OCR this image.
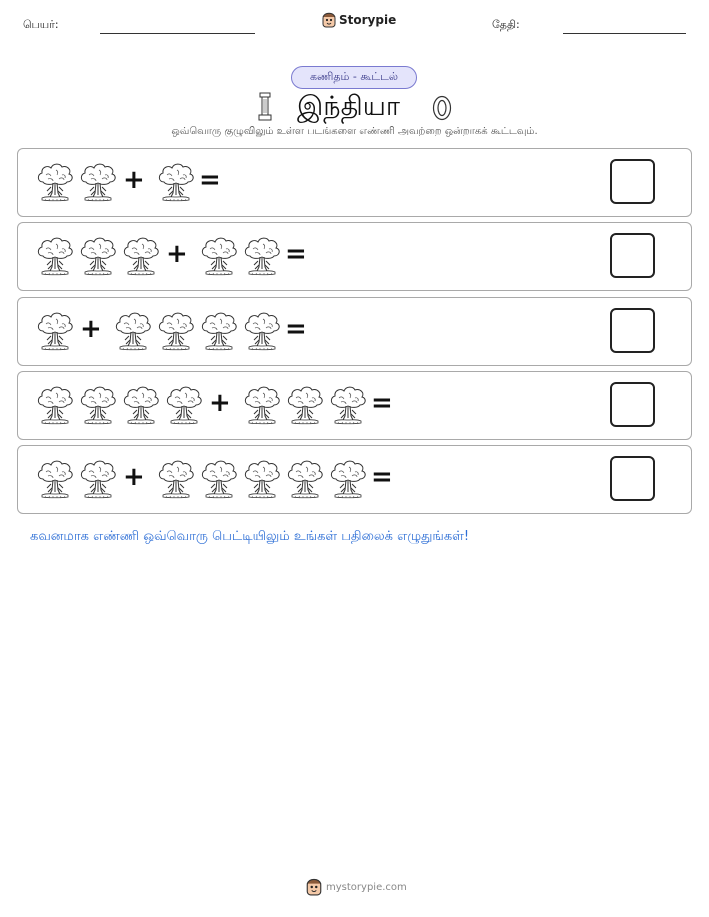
பெயர்:	Storypie	தேதி:
கணிதம் - கூட்டல்
இந்தியா
ஒவ்வொரு குழுவிலும் உள்ள படங்களை எண்ணி அவற்றை ஒன்றாகக் கூட்டவும்.
+ =
+	=
+	=
+	=
+	=
கவனமாக எண்ணி ஒவ்வொரு பெட்டியிலும் உங்கள் பதிலைக் எழுதுங்கள்!
mystorypie.com
